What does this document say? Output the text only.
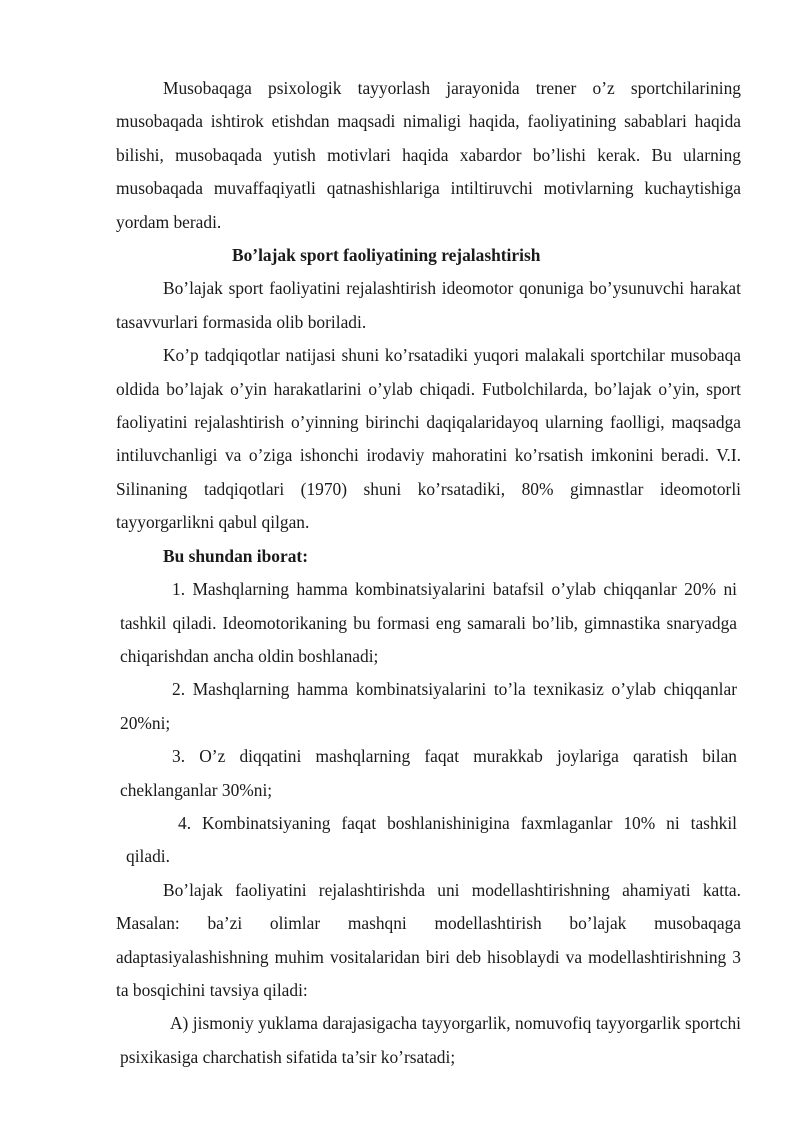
Musobaqaga psixologik tayyorlash jarayonida trener o’z sportchilarining musobaqada ishtirok etishdan maqsadi nimaligi haqida, faoliyatining sabablari haqida bilishi, musobaqada yutish motivlari haqida xabardor bo’lishi kerak. Bu ularning musobaqada muvaffaqiyatli qatnashishlariga intiltiruvchi motivlarning kuchaytishiga yordam beradi.

Bo’lajak sport faoliyatining rejalashtirish

Bo’lajak sport faoliyatini rejalashtirish ideomotor qonuniga bo’ysunuvchi harakat tasavvurlari formasida olib boriladi.

Ko’p tadqiqotlar natijasi shuni ko’rsatadiki yuqori malakali sportchilar musobaqa oldida bo’lajak o’yin harakatlarini o’ylab chiqadi. Futbolchilarda, bo’lajak o’yin, sport faoliyatini rejalashtirish o’yinning birinchi daqiqalaridayoq ularning faolligi, maqsadga intiluvchanligi va o’ziga ishonchi irodaviy mahoratini ko’rsatish imkonini beradi. V.I. Silinaning tadqiqotlari (1970) shuni ko’rsatadiki, 80% gimnastlar ideomotorli tayyorgarlikni qabul qilgan.

Bu shundan iborat:

1. Mashqlarning hamma kombinatsiyalarini batafsil o’ylab chiqqanlar 20% ni tashkil qiladi. Ideomotorikaning bu formasi eng samarali bo’lib, gimnastika snaryadga chiqarishdan ancha oldin boshlanadi;

2. Mashqlarning hamma kombinatsiyalarini to’la texnikasiz o’ylab chiqqanlar 20%ni;

3. O’z diqqatini mashqlarning faqat murakkab joylariga qaratish bilan cheklanganlar 30%ni;

4. Kombinatsiyaning faqat boshlanishinigina faxmlaganlar 10% ni tashkil qiladi.

Bo’lajak faoliyatini rejalashtirishda uni modellashtirishning ahamiyati katta. Masalan: ba’zi olimlar mashqni modellashtirish bo’lajak musobaqaga adaptasiyalashishning muhim vositalaridan biri deb hisoblaydi va modellashtirishning 3 ta bosqichini tavsiya qiladi:

A) jismoniy yuklama darajasigacha tayyorgarlik, nomuvofiq tayyorgarlik sportchi psixikasiga charchatish sifatida ta’sir ko’rsatadi;
